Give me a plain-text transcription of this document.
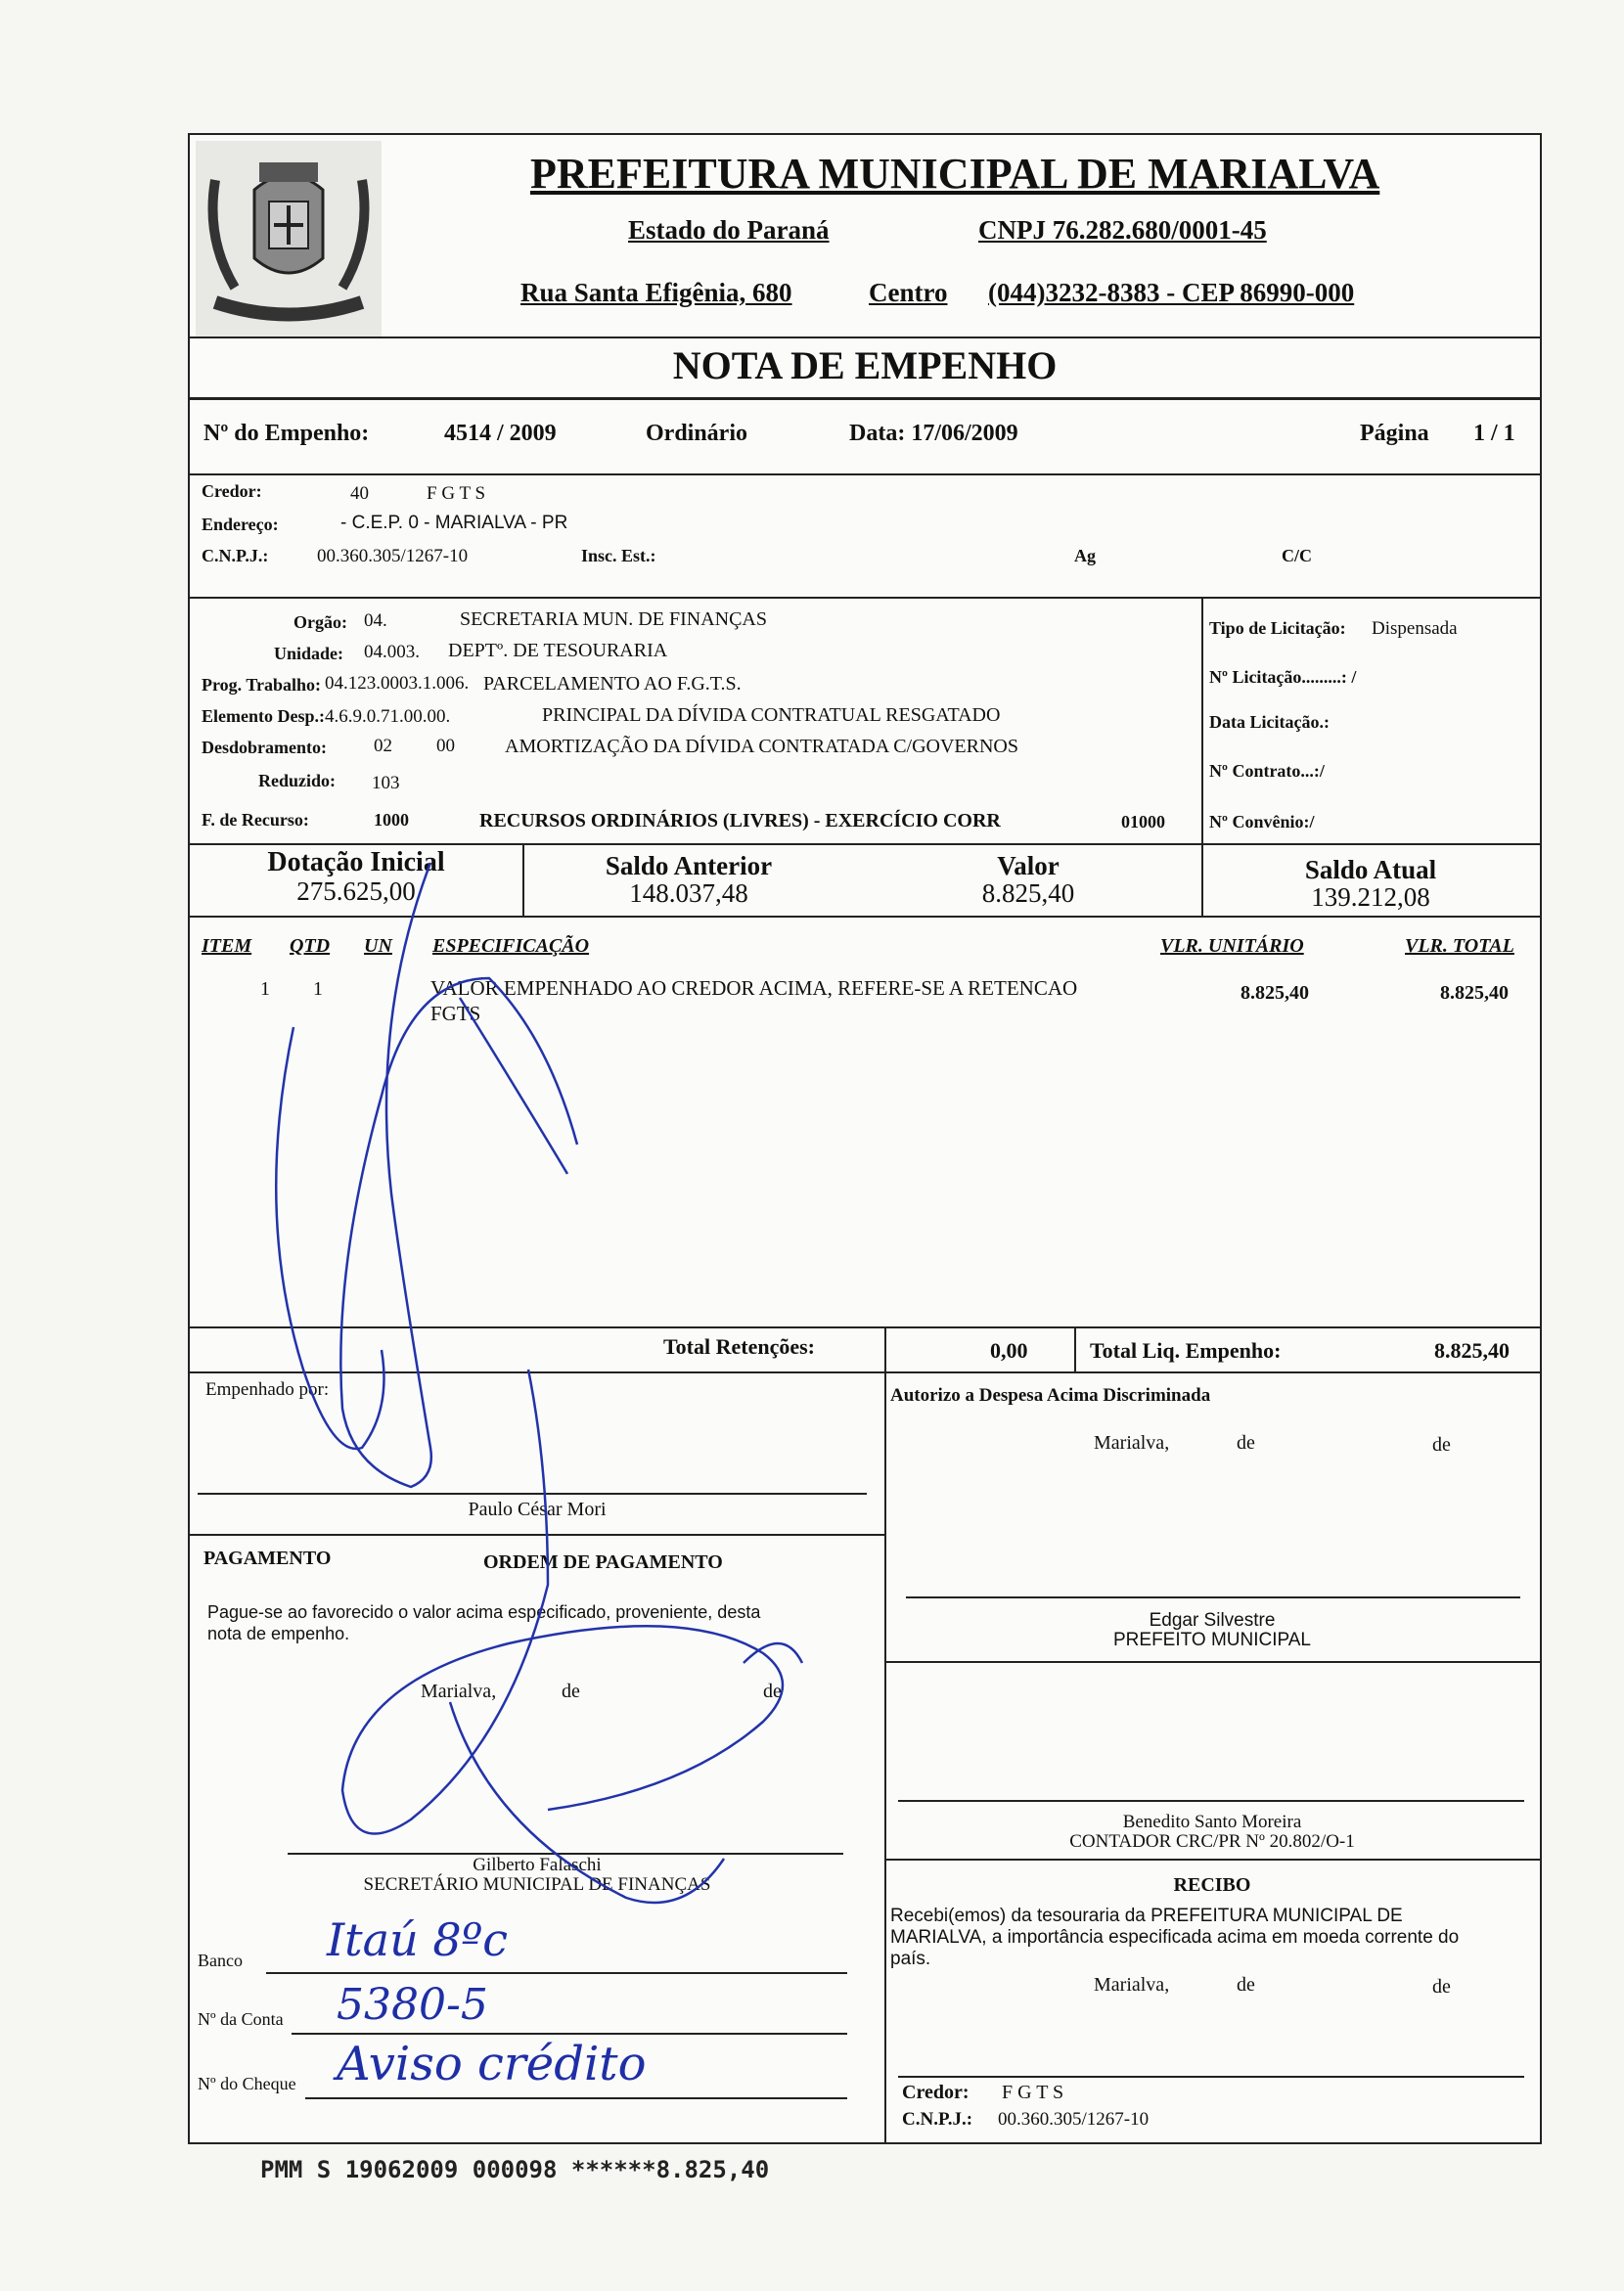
PREFEITURA MUNICIPAL DE MARIALVA
Estado do Paraná	CNPJ 76.282.680/0001-45
Rua Santa Efigênia, 680	Centro (044)3232-8383 - CEP 86990-000
NOTA DE EMPENHO
Nº do Empenho:	4514 / 2009	Ordinário	Data: 17/06/2009	Página 1 / 1
Credor:	40	F G T S
Endereço:	- C.E.P. 0 - MARIALVA - PR
C.N.P.J.:	00.360.305/1267-10	Insc. Est.:	Ag	C/C
Orgão: 04.	SECRETARIA MUN. DE FINANÇAS
Unidade: 04.003. DEPTº. DE TESOURARIA
Prog. Trabalho: 04.123.0003.1.006. PARCELAMENTO AO F.G.T.S.
Elemento Desp.: 4.6.9.0.71.00.00.	PRINCIPAL DA DÍVIDA CONTRATUAL RESGATADO
Desdobramento:	02 00	AMORTIZAÇÃO DA DÍVIDA CONTRATADA C/GOVERNOS
Reduzido: 103
F. de Recurso:	1000	RECURSOS ORDINÁRIOS (LIVRES) - EXERCÍCIO CORR	01000
Tipo de Licitação: Dispensada
Nº Licitação.........: /
Data Licitação.:
Nº Contrato...:/
Nº Convênio:/
Dotação Inicial
275.625,00
Saldo Anterior
148.037,48
Valor
8.825,40
Saldo Atual
139.212,08
ITEM QTD UN ESPECIFICAÇÃO	VLR. UNITÁRIO	VLR. TOTAL
1 1	VALOR EMPENHADO AO CREDOR ACIMA, REFERE-SE A RETENCAO
FGTS
8.825,40	8.825,40
Total Retenções:	0,00	Total Liq. Empenho:	8.825,40
Empenhado por:
Paulo César Mori
Autorizo a Despesa Acima Discriminada
Marialva,	de	de
Edgar Silvestre
PREFEITO MUNICIPAL
Benedito Santo Moreira
CONTADOR CRC/PR Nº 20.802/O-1
PAGAMENTO	ORDEM DE PAGAMENTO
Pague-se ao favorecido o valor acima especificado, proveniente, desta
nota de empenho.
Marialva,	de	de
Gilberto Falaschi
SECRETÁRIO MUNICIPAL DE FINANÇAS
Banco Itaú 8ºc
Nº da Conta 5380-5
Nº do Cheque Aviso crédito
RECIBO
Recebi(emos) da tesouraria da PREFEITURA MUNICIPAL DE
MARIALVA, a importância especificada acima em moeda corrente do
país.
Marialva,	de	de
Credor: F G T S
C.N.P.J.: 00.360.305/1267-10
PMM S 19062009 000098 ******8.825,40
